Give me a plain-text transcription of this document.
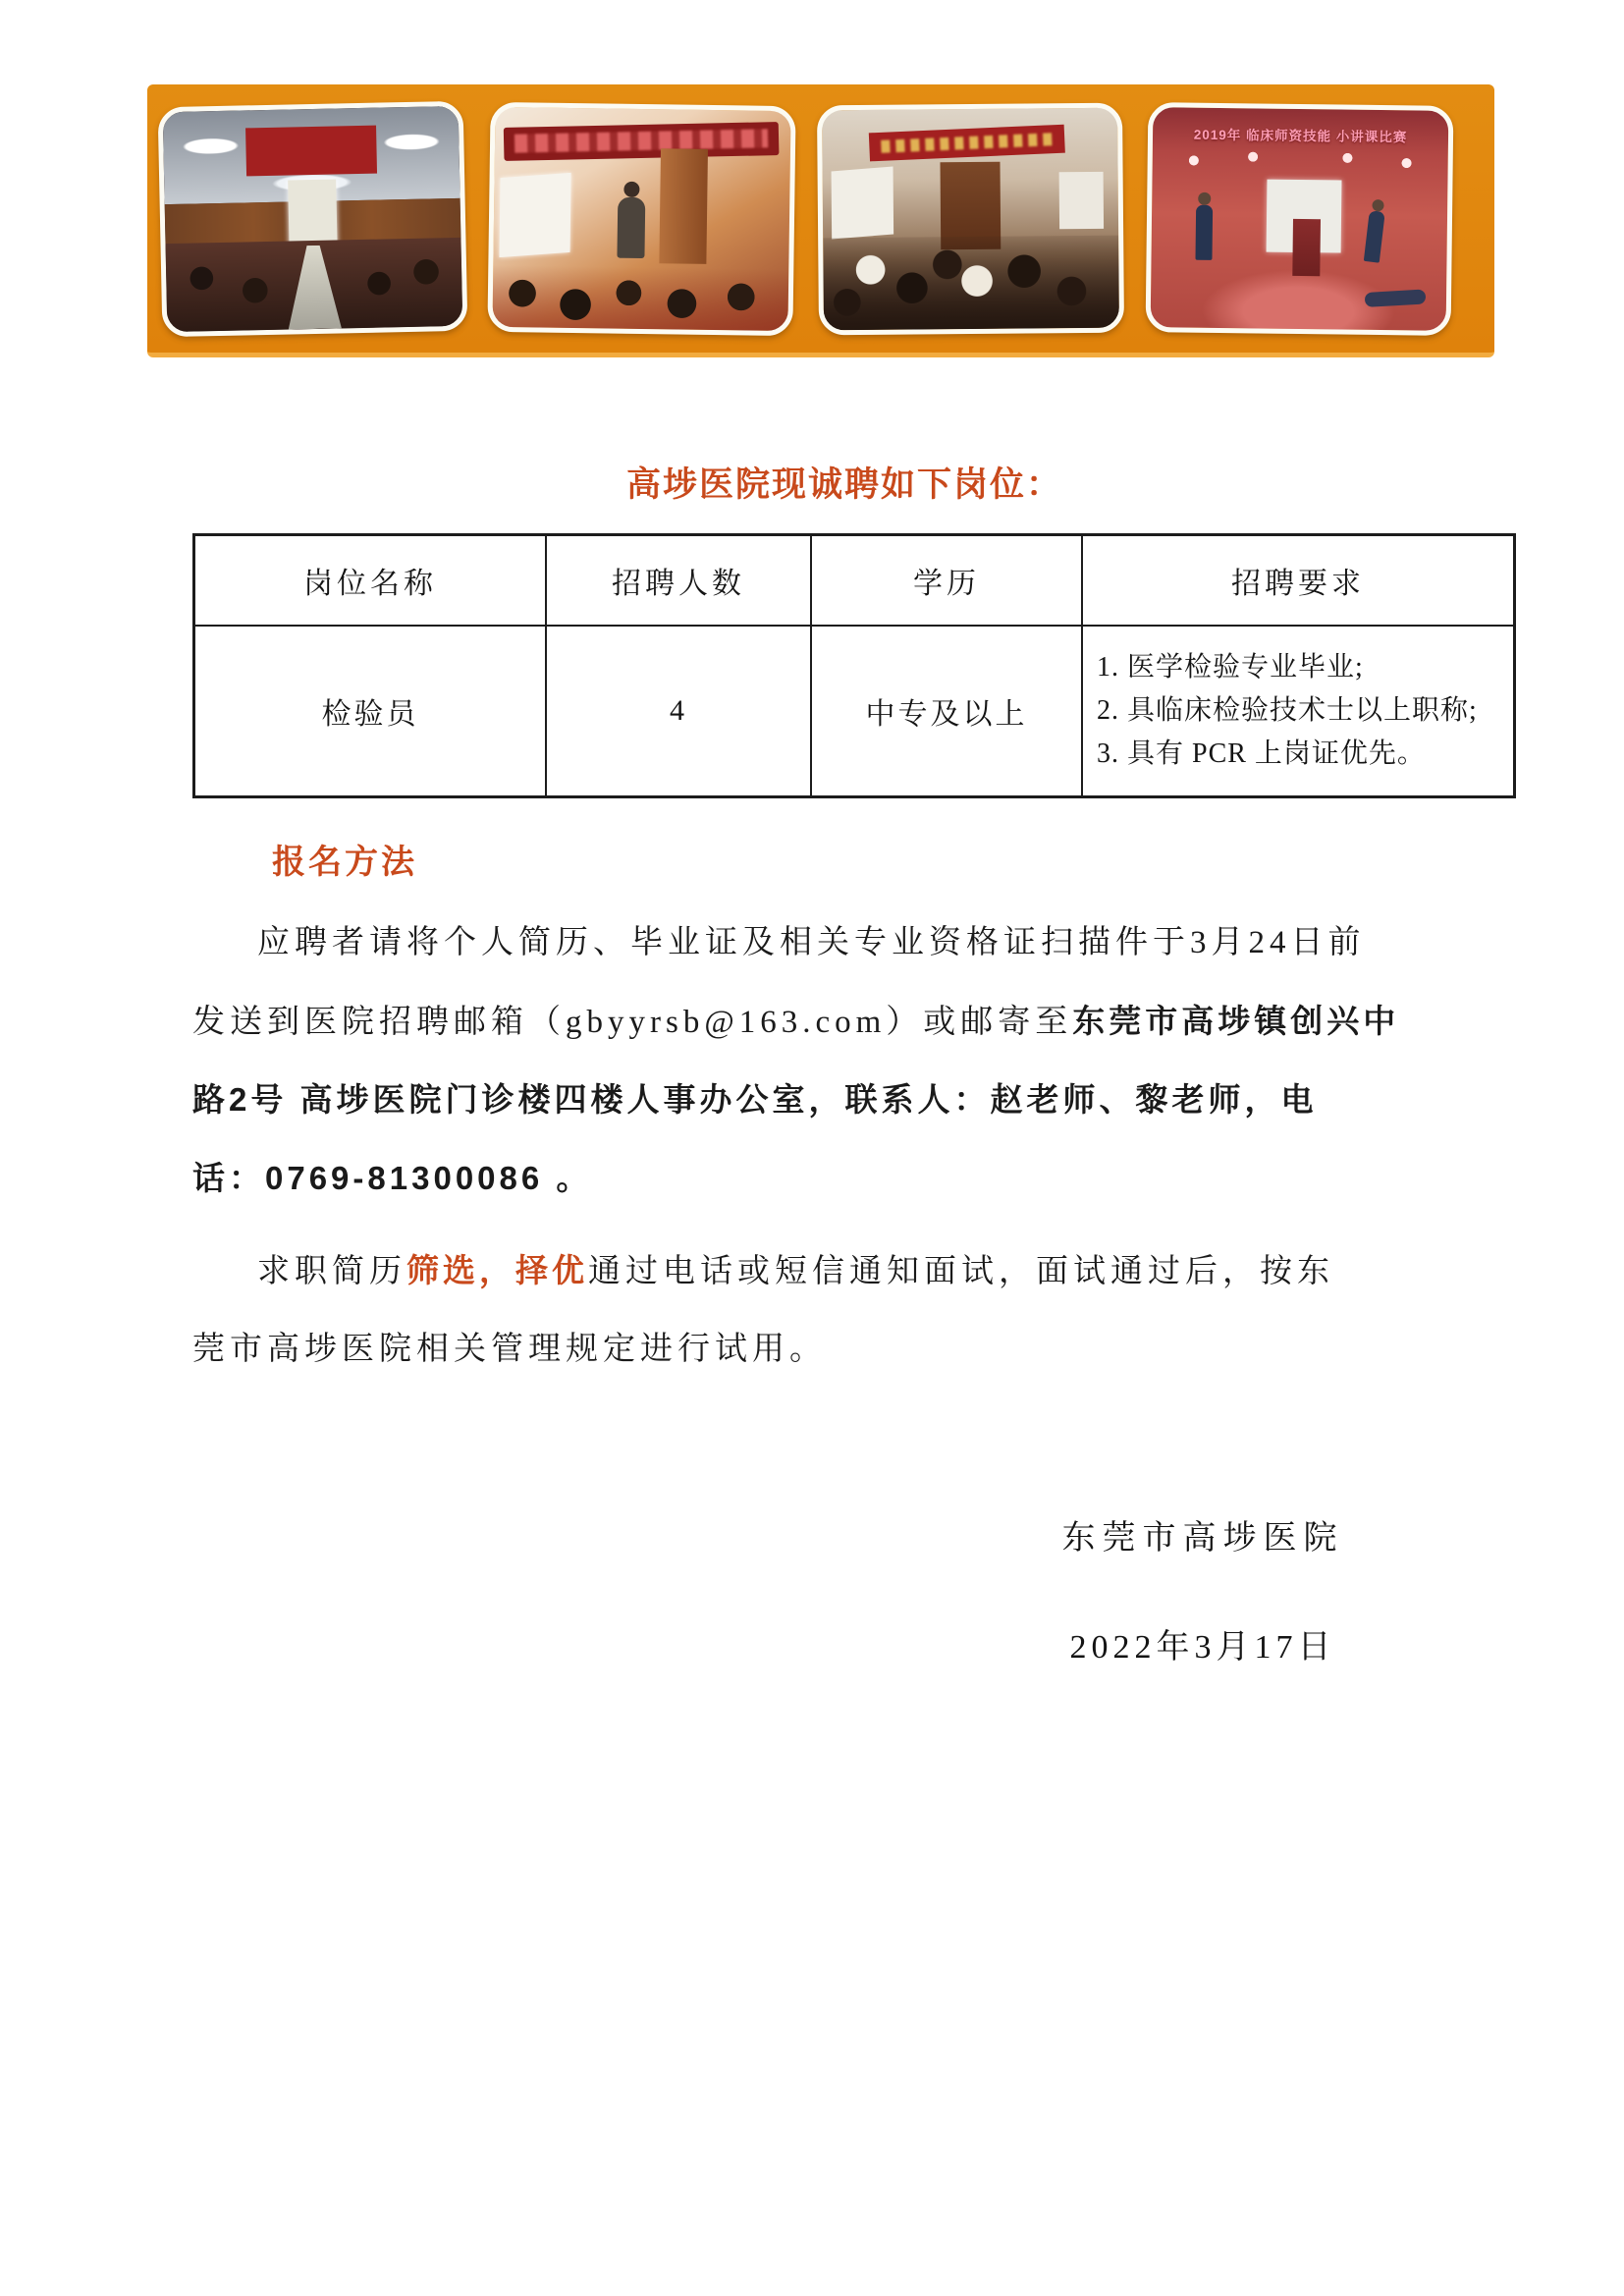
2019年 临床师资技能 小讲课比赛
高埗医院现诚聘如下岗位：
岗位名称	招聘人数	学历	招聘要求
检验员	4	中专及以上	1. 医学检验专业毕业;
2. 具临床检验技术士以上职称;
3. 具有 PCR 上岗证优先。
报名方法
应聘者请将个人简历、毕业证及相关专业资格证扫描件于3月24日前
发送到医院招聘邮箱（gbyyrsb@163.com）或邮寄至东莞市高埗镇创兴中
路2号 高埗医院门诊楼四楼人事办公室，联系人：赵老师、黎老师，电
话：0769-81300086 。
求职简历筛选，择优通过电话或短信通知面试，面试通过后，按东
莞市高埗医院相关管理规定进行试用。
东莞市高埗医院
2022年3月17日
